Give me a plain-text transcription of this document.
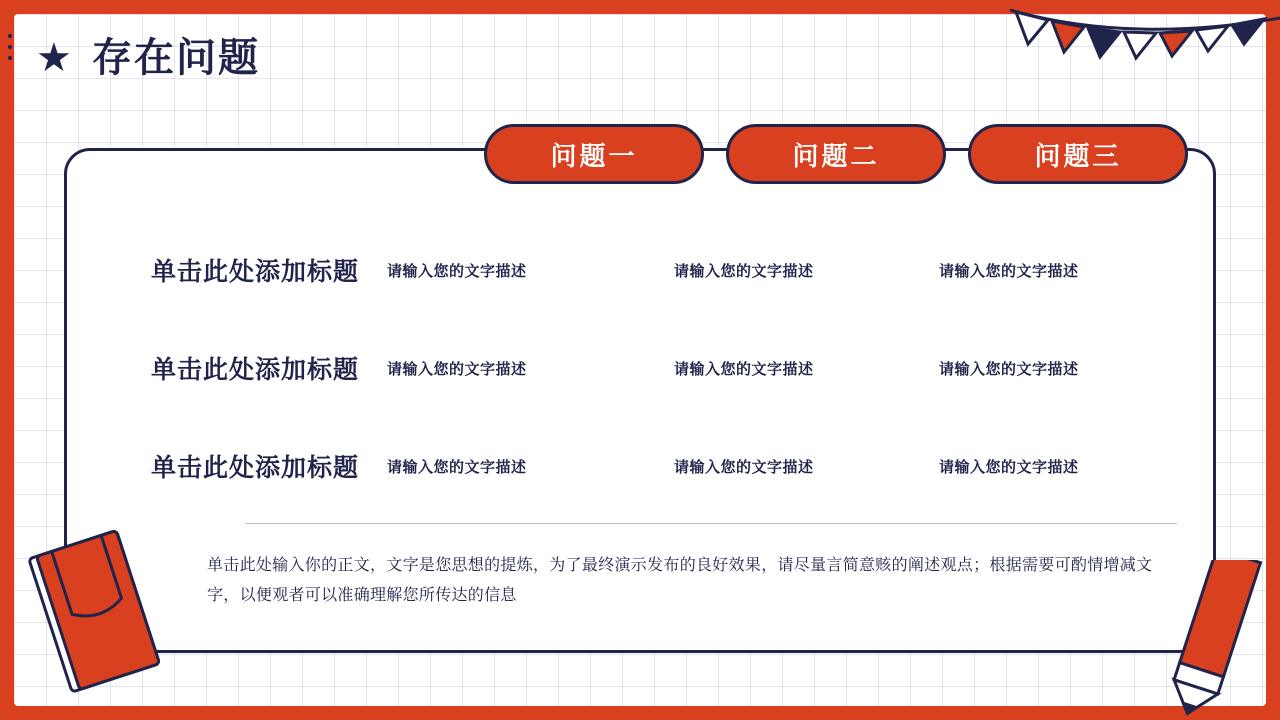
★ 存在问题
单击此处添加标题	请输入您的文字描述	请输入您的文字描述	请输入您的文字描述
单击此处添加标题	请输入您的文字描述	请输入您的文字描述	请输入您的文字描述
单击此处添加标题	请输入您的文字描述	请输入您的文字描述	请输入您的文字描述
单击此处输入你的正文，文字是您思想的提炼，为了最终演示发布的良好效果，请尽量言简意赅的阐述观点；根据需要可酌情增减文字，以便观者可以准确理解您所传达的信息
问题一	问题二	问题三
